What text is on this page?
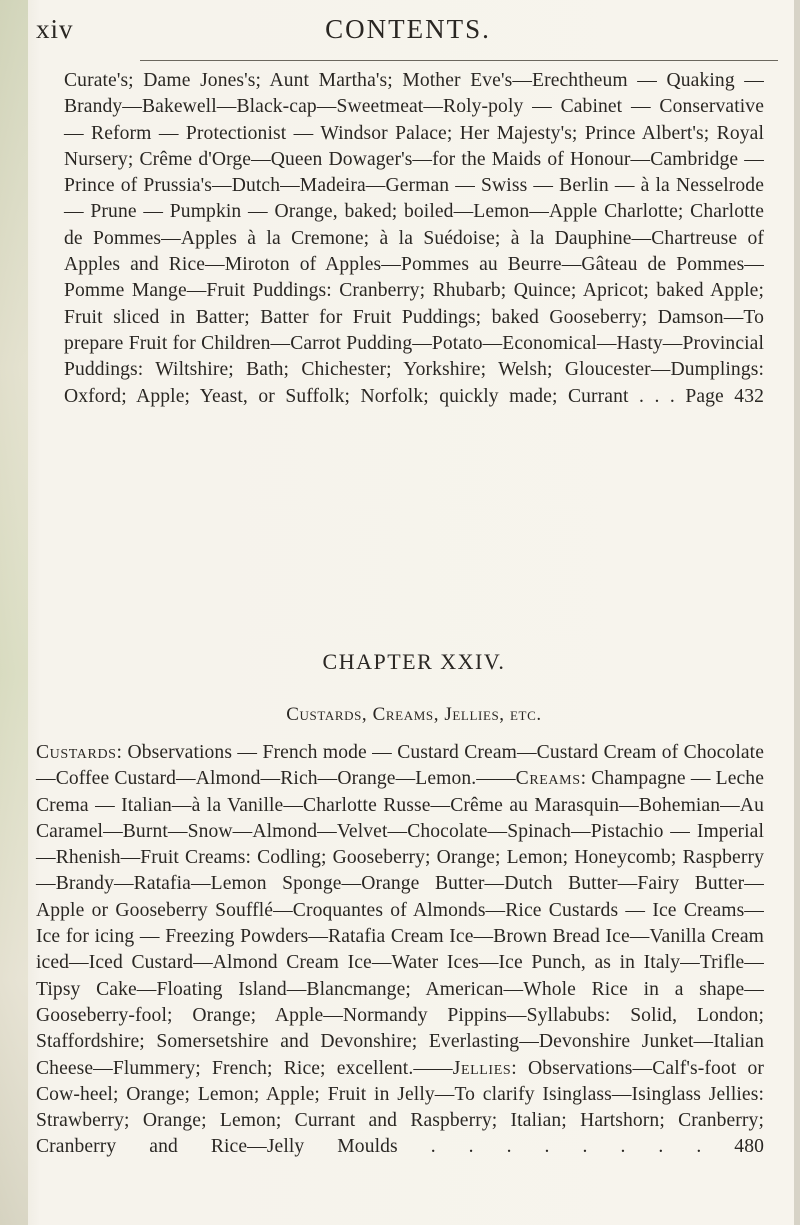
xiv	CONTENTS.

Curate's; Dame Jones's; Aunt Martha's; Mother Eve's—Erechtheum — Quaking — Brandy—Bakewell—Black-cap—Sweetmeat—Roly-poly — Cabinet — Conservative — Reform — Protectionist — Windsor Palace; Her Majesty's; Prince Albert's; Royal Nursery; Crême d'Orge—Queen Dowager's—for the Maids of Honour—Cambridge — Prince of Prussia's—Dutch—Madeira—German — Swiss — Berlin — à la Nesselrode — Prune — Pumpkin — Orange, baked; boiled—Lemon—Apple Charlotte; Charlotte de Pommes—Apples à la Cremone; à la Suédoise; à la Dauphine—Chartreuse of Apples and Rice—Miroton of Apples—Pommes au Beurre—Gâteau de Pommes—Pomme Mange—Fruit Puddings: Cranberry; Rhubarb; Quince; Apricot; baked Apple; Fruit sliced in Batter; Batter for Fruit Puddings; baked Gooseberry; Damson—To prepare Fruit for Children—Carrot Pudding—Potato—Economical—Hasty—Provincial Puddings: Wiltshire; Bath; Chichester; Yorkshire; Welsh; Gloucester—Dumplings: Oxford; Apple; Yeast, or Suffolk; Norfolk; quickly made; Currant . . . Page 432

CHAPTER XXIV.
Custards, Creams, Jellies, etc.

Custards: Observations — French mode — Custard Cream—Custard Cream of Chocolate—Coffee Custard—Almond—Rich—Orange—Lemon.——Creams: Champagne — Leche Crema — Italian—à la Vanille—Charlotte Russe—Crême au Marasquin—Bohemian—Au Caramel—Burnt—Snow—Almond—Velvet—Chocolate—Spinach—Pistachio — Imperial—Rhenish—Fruit Creams: Codling; Gooseberry; Orange; Lemon; Honeycomb; Raspberry—Brandy—Ratafia—Lemon Sponge—Orange Butter—Dutch Butter—Fairy Butter—Apple or Gooseberry Soufflé—Croquantes of Almonds—Rice Custards — Ice Creams—Ice for icing — Freezing Powders—Ratafia Cream Ice—Brown Bread Ice—Vanilla Cream iced—Iced Custard—Almond Cream Ice—Water Ices—Ice Punch, as in Italy—Trifle—Tipsy Cake—Floating Island—Blancmange; American—Whole Rice in a shape—Gooseberry-fool; Orange; Apple—Normandy Pippins—Syllabubs: Solid, London; Staffordshire; Somersetshire and Devonshire; Everlasting—Devonshire Junket—Italian Cheese—Flummery; French; Rice; excellent.——Jellies: Observations—Calf's-foot or Cow-heel; Orange; Lemon; Apple; Fruit in Jelly—To clarify Isinglass—Isinglass Jellies: Strawberry; Orange; Lemon; Currant and Raspberry; Italian; Hartshorn; Cranberry; Cranberry and Rice—Jelly Moulds . . . . . . . . 480
